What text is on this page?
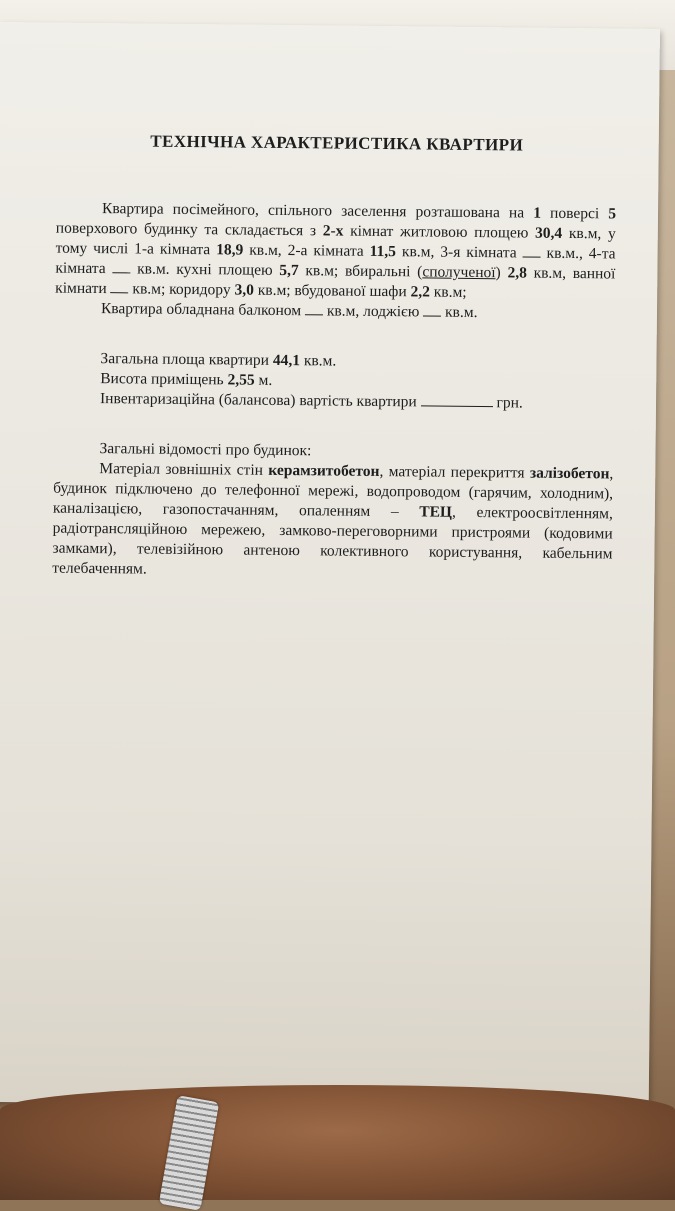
ТЕХНІЧНА ХАРАКТЕРИСТИКА КВАРТИРИ

Квартира посімейного, спільного заселення розташована на 1 поверсі 5 поверхового будинку та складається з 2-х кімнат житловою площею 30,4 кв.м, у тому числі 1-а кімната 18,9 кв.м, 2-а кімната 11,5 кв.м, 3-я кімната  кв.м., 4-та кімната  кв.м. кухні площею 5,7 кв.м; вбиральні (сполученої) 2,8 кв.м, ванної кімнати  кв.м; коридору 3,0 кв.м; вбудованої шафи 2,2 кв.м;

Квартира обладнана балконом  кв.м, лоджією  кв.м.

Загальна площа квартири 44,1 кв.м.

Висота приміщень 2,55 м.

Інвентаризаційна (балансова) вартість квартири	грн.

Загальні відомості про будинок:

Матеріал зовнішніх стін керамзитобетон, матеріал перекриття залізобетон, будинок підключено до телефонної мережі, водопроводом (гарячим, холодним), каналізацією, газопостачанням, опаленням – ТЕЦ, електроосвітленням, радіотрансляційною мережею, замково-переговорними пристроями (кодовими замками), телевізійною антеною колективного користування, кабельним телебаченням.
